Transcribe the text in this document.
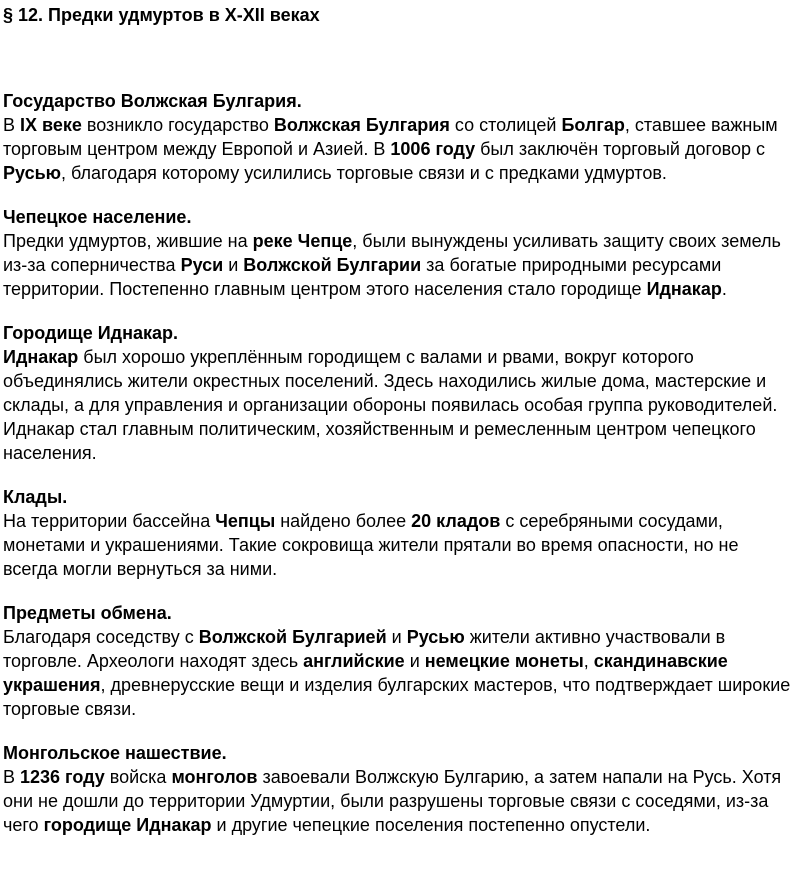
§ 12. Предки удмуртов в X-XII веках
Государство Волжская Булгария.
В IX веке возникло государство Волжская Булгария со столицей Болгар, ставшее важным торговым центром между Европой и Азией. В 1006 году был заключён торговый договор с Русью, благодаря которому усилились торговые связи и с предками удмуртов.
Чепецкое население.
Предки удмуртов, жившие на реке Чепце, были вынуждены усиливать защиту своих земель из-за соперничества Руси и Волжской Булгарии за богатые природными ресурсами территории. Постепенно главным центром этого населения стало городище Иднакар.
Городище Иднакар.
Иднакар был хорошо укреплённым городищем с валами и рвами, вокруг которого объединялись жители окрестных поселений. Здесь находились жилые дома, мастерские и склады, а для управления и организации обороны появилась особая группа руководителей. Иднакар стал главным политическим, хозяйственным и ремесленным центром чепецкого населения.
Клады.
На территории бассейна Чепцы найдено более 20 кладов с серебряными сосудами, монетами и украшениями. Такие сокровища жители прятали во время опасности, но не всегда могли вернуться за ними.
Предметы обмена.
Благодаря соседству с Волжской Булгарией и Русью жители активно участвовали в торговле. Археологи находят здесь английские и немецкие монеты, скандинавские украшения, древнерусские вещи и изделия булгарских мастеров, что подтверждает широкие торговые связи.
Монгольское нашествие.
В 1236 году войска монголов завоевали Волжскую Булгарию, а затем напали на Русь. Хотя они не дошли до территории Удмуртии, были разрушены торговые связи с соседями, из-за чего городище Иднакар и другие чепецкие поселения постепенно опустели.
